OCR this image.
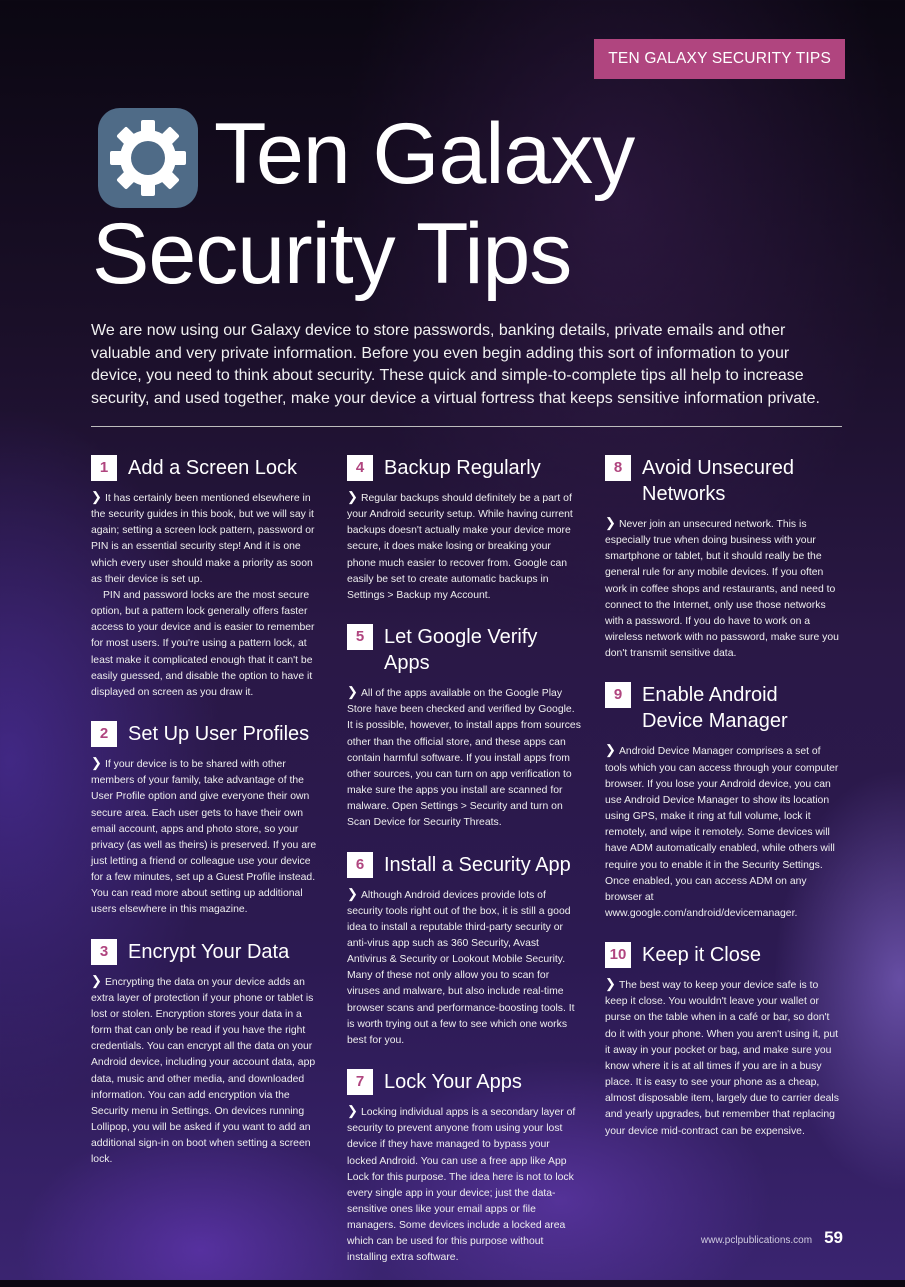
TEN GALAXY SECURITY TIPS
Ten Galaxy
Security Tips

We are now using our Galaxy device to store passwords, banking details, private emails and other valuable and very private information. Before you even begin adding this sort of information to your device, you need to think about security. These quick and simple-to-complete tips all help to increase security, and used together, make your device a virtual fortress that keeps sensitive information private.

1 Add a Screen Lock

❯ It has certainly been mentioned elsewhere in the security guides in this book, but we will say it again; setting a screen lock pattern, password or PIN is an essential security step! And it is one which every user should make a priority as soon as their device is set up.

PIN and password locks are the most secure option, but a pattern lock generally offers faster access to your device and is easier to remember for most users. If you're using a pattern lock, at least make it complicated enough that it can't be easily guessed, and disable the option to have it displayed on screen as you draw it.

2 Set Up User Profiles

❯ If your device is to be shared with other members of your family, take advantage of the User Profile option and give everyone their own secure area. Each user gets to have their own email account, apps and photo store, so your privacy (as well as theirs) is preserved. If you are just letting a friend or colleague use your device for a few minutes, set up a Guest Profile instead. You can read more about setting up additional users elsewhere in this magazine.

3 Encrypt Your Data

❯ Encrypting the data on your device adds an extra layer of protection if your phone or tablet is lost or stolen. Encryption stores your data in a form that can only be read if you have the right credentials. You can encrypt all the data on your Android device, including your account data, app data, music and other media, and downloaded information. You can add encryption via the Security menu in Settings. On devices running Lollipop, you will be asked if you want to add an additional sign-in on boot when setting a screen lock.

4 Backup Regularly

❯ Regular backups should definitely be a part of your Android security setup. While having current backups doesn't actually make your device more secure, it does make losing or breaking your phone much easier to recover from. Google can easily be set to create automatic backups in Settings > Backup my Account.

5 Let Google Verify Apps

❯ All of the apps available on the Google Play Store have been checked and verified by Google. It is possible, however, to install apps from sources other than the official store, and these apps can contain harmful software. If you install apps from other sources, you can turn on app verification to make sure the apps you install are scanned for malware. Open Settings > Security and turn on Scan Device for Security Threats.

6 Install a Security App

❯ Although Android devices provide lots of security tools right out of the box, it is still a good idea to install a reputable third-party security or anti-virus app such as 360 Security, Avast Antivirus & Security or Lookout Mobile Security. Many of these not only allow you to scan for viruses and malware, but also include real-time browser scans and performance-boosting tools. It is worth trying out a few to see which one works best for you.

7 Lock Your Apps

❯ Locking individual apps is a secondary layer of security to prevent anyone from using your lost device if they have managed to bypass your locked Android. You can use a free app like App Lock for this purpose. The idea here is not to lock every single app in your device; just the data-sensitive ones like your email apps or file managers. Some devices include a locked area which can be used for this purpose without installing extra software.

8 Avoid Unsecured Networks

❯ Never join an unsecured network. This is especially true when doing business with your smartphone or tablet, but it should really be the general rule for any mobile devices. If you often work in coffee shops and restaurants, and need to connect to the Internet, only use those networks with a password. If you do have to work on a wireless network with no password, make sure you don't transmit sensitive data.

9 Enable Android Device Manager

❯ Android Device Manager comprises a set of tools which you can access through your computer browser. If you lose your Android device, you can use Android Device Manager to show its location using GPS, make it ring at full volume, lock it remotely, and wipe it remotely. Some devices will have ADM automatically enabled, while others will require you to enable it in the Security Settings. Once enabled, you can access ADM on any browser at www.google.com/android/devicemanager.

10 Keep it Close

❯ The best way to keep your device safe is to keep it close. You wouldn't leave your wallet or purse on the table when in a café or bar, so don't do it with your phone. When you aren't using it, put it away in your pocket or bag, and make sure you know where it is at all times if you are in a busy place. It is easy to see your phone as a cheap, almost disposable item, largely due to carrier deals and yearly upgrades, but remember that replacing your device mid-contract can be expensive.

www.pclpublications.com 59
